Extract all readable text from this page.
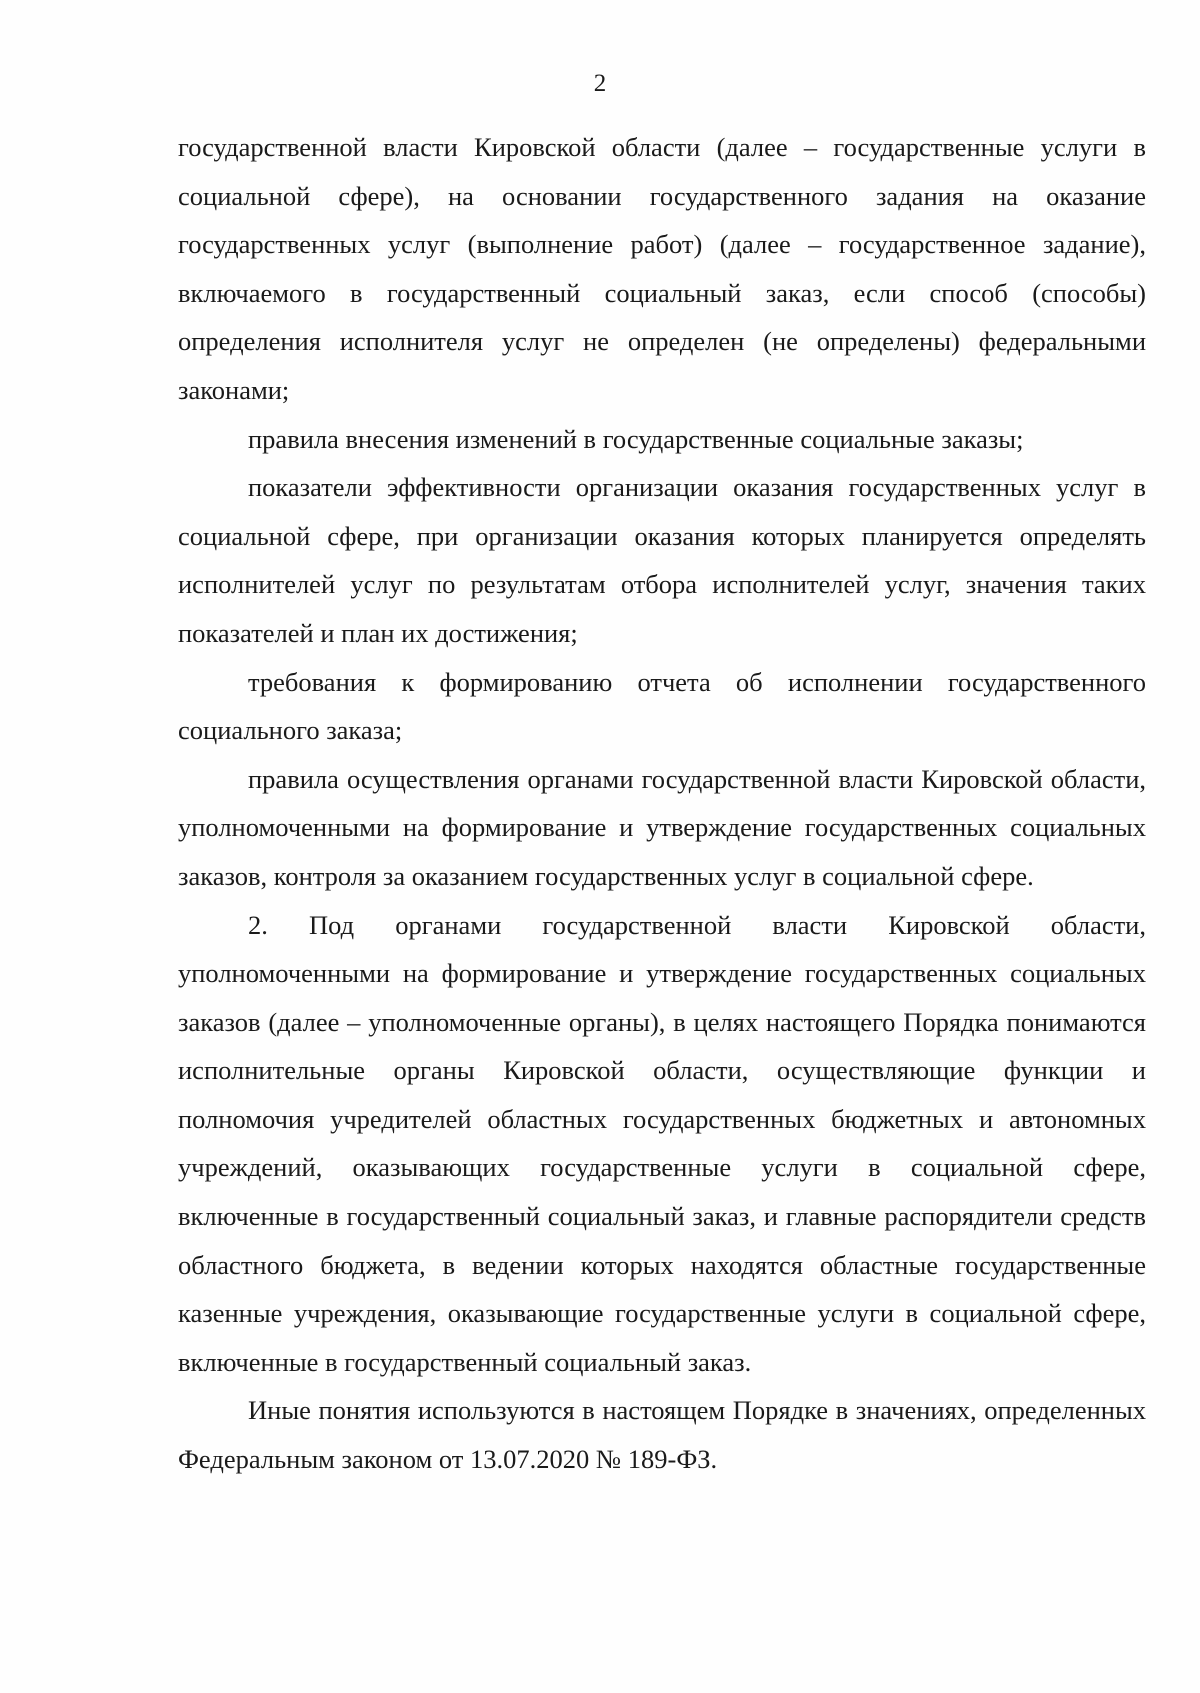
2

государственной власти Кировской области (далее – государственные услуги в социальной сфере), на основании государственного задания на оказание государственных услуг (выполнение работ) (далее – государственное задание), включаемого в государственный социальный заказ, если способ (способы) определения исполнителя услуг не определен (не определены) федеральными законами;

правила внесения изменений в государственные социальные заказы;

показатели эффективности организации оказания государственных услуг в социальной сфере, при организации оказания которых планируется определять исполнителей услуг по результатам отбора исполнителей услуг, значения таких показателей и план их достижения;

требования к формированию отчета об исполнении государственного социального заказа;

правила осуществления органами государственной власти Кировской области, уполномоченными на формирование и утверждение государственных социальных заказов, контроля за оказанием государственных услуг в социальной сфере.

2. Под органами государственной власти Кировской области, уполномоченными на формирование и утверждение государственных социальных заказов (далее – уполномоченные органы), в целях настоящего Порядка понимаются исполнительные органы Кировской области, осуществляющие функции и полномочия учредителей областных государственных бюджетных и автономных учреждений, оказывающих государственные услуги в социальной сфере, включенные в государственный социальный заказ, и главные распорядители средств областного бюджета, в ведении которых находятся областные государственные казенные учреждения, оказывающие государственные услуги в социальной сфере, включенные в государственный социальный заказ.

Иные понятия используются в настоящем Порядке в значениях, определенных Федеральным законом от 13.07.2020 № 189-ФЗ.
